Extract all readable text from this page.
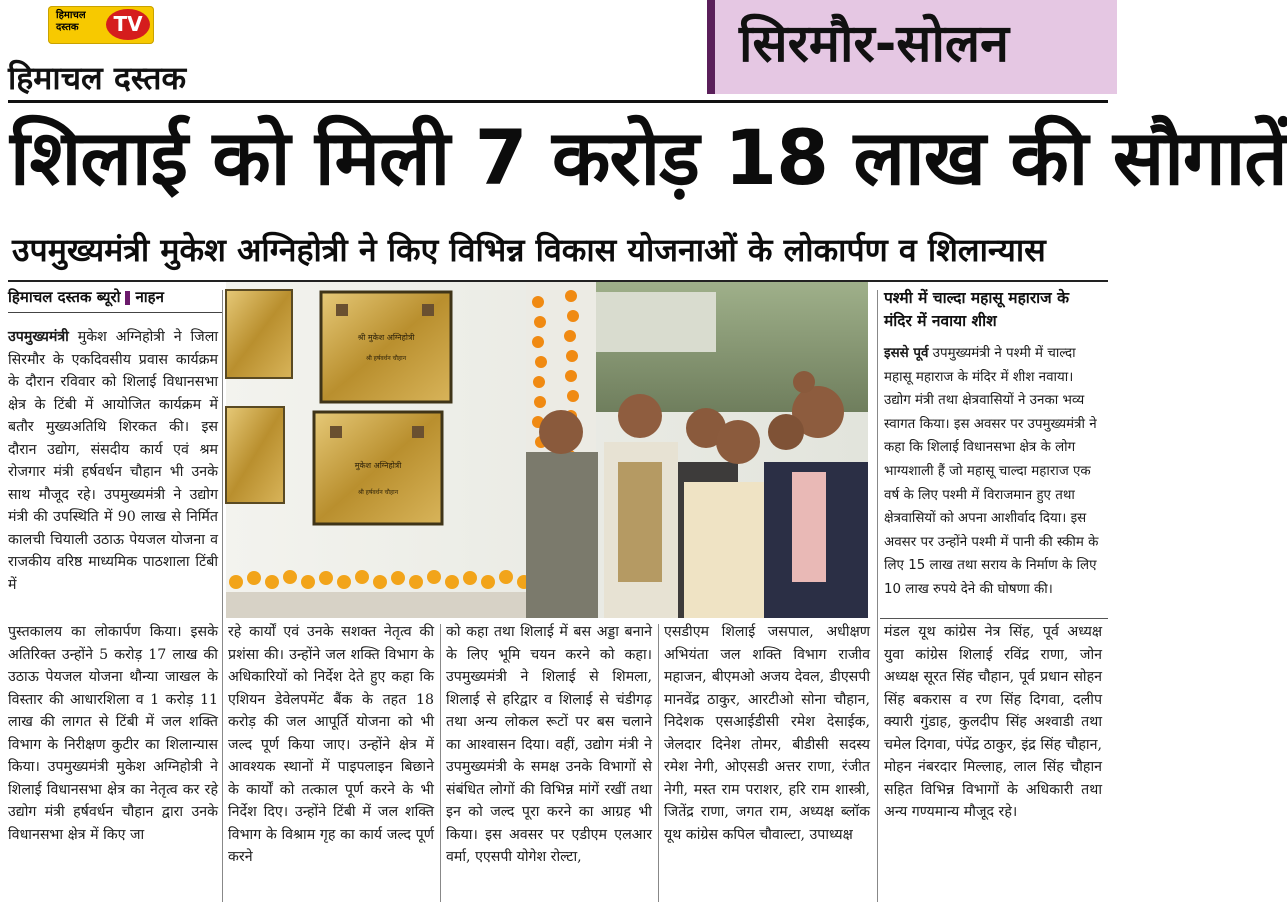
हिमाचल दस्तक	TV
हिमाचल दस्तक
सिरमौर-सोलन
शिलाई को मिली 7 करोड़ 18 लाख की सौगातें
उपमुख्यमंत्री मुकेश अग्निहोत्री ने किए विभिन्न विकास योजनाओं के लोकार्पण व शिलान्यास
हिमाचल दस्तक ब्यूरो नाहन
उपमुख्यमंत्री मुकेश अग्निहोत्री ने जिला सिरमौर के एकदिवसीय प्रवास कार्यक्रम के दौरान रविवार को शिलाई विधानसभा क्षेत्र के टिंबी में आयोजित कार्यक्रम में बतौर मुख्यअतिथि शिरकत की। इस दौरान उद्योग, संसदीय कार्य एवं श्रम रोजगार मंत्री हर्षवर्धन चौहान भी उनके साथ मौजूद रहे। उपमुख्यमंत्री ने उद्योग मंत्री की उपस्थिति में 90 लाख से निर्मित कालची चियाली उठाऊ पेयजल योजना व राजकीय वरिष्ठ माध्यमिक पाठशाला टिंबी में
श्री मुकेश अग्निहोत्री
श्री हर्षवर्धन चौहान
मुकेश अग्निहोत्री
श्री हर्षवर्धन चौहान
पुस्तकालय का लोकार्पण किया। इसके अतिरिक्त उन्होंने 5 करोड़ 17 लाख की उठाऊ पेयजल योजना थौन्या जाखल के विस्तार की आधारशिला व 1 करोड़ 11 लाख की लागत से टिंबी में जल शक्ति विभाग के निरीक्षण कुटीर का शिलान्यास किया। उपमुख्यमंत्री मुकेश अग्निहोत्री ने शिलाई विधानसभा क्षेत्र का नेतृत्व कर रहे उद्योग मंत्री हर्षवर्धन चौहान द्वारा उनके विधानसभा क्षेत्र में किए जा
रहे कार्यों एवं उनके सशक्त नेतृत्व की प्रशंसा की। उन्होंने जल शक्ति विभाग के अधिकारियों को निर्देश देते हुए कहा कि एशियन डेवेलपमेंट बैंक के तहत 18 करोड़ की जल आपूर्ति योजना को भी जल्द पूर्ण किया जाए। उन्होंने क्षेत्र में आवश्यक स्थानों में पाइपलाइन बिछाने के कार्यों को तत्काल पूर्ण करने के भी निर्देश दिए। उन्होंने टिंबी में जल शक्ति विभाग के विश्राम गृह का कार्य जल्द पूर्ण करने
को कहा तथा शिलाई में बस अड्डा बनाने के लिए भूमि चयन करने को कहा। उपमुख्यमंत्री ने शिलाई से शिमला, शिलाई से हरिद्वार व शिलाई से चंडीगढ़ तथा अन्य लोकल रूटों पर बस चलाने का आश्वासन दिया। वहीं, उद्योग मंत्री ने उपमुख्यमंत्री के समक्ष उनके विभागों से संबंधित लोगों की विभिन्न मांगें रखीं तथा इन को जल्द पूरा करने का आग्रह भी किया। इस अवसर पर एडीएम एलआर वर्मा, एएसपी योगेश रोल्टा,
एसडीएम शिलाई जसपाल, अधीक्षण अभियंता जल शक्ति विभाग राजीव महाजन, बीएमओ अजय देवल, डीएसपी मानवेंद्र ठाकुर, आरटीओ सोना चौहान, निदेशक एसआईडीसी रमेश देसाईक, जेलदार दिनेश तोमर, बीडीसी सदस्य रमेश नेगी, ओएसडी अत्तर राणा, रंजीत नेगी, मस्त राम पराशर, हरि राम शास्त्री, जितेंद्र राणा, जगत राम, अध्यक्ष ब्लॉक यूथ कांग्रेस कपिल चौवाल्टा, उपाध्यक्ष
मंडल यूथ कांग्रेस नेत्र सिंह, पूर्व अध्यक्ष युवा कांग्रेस शिलाई रविंद्र राणा, जोन अध्यक्ष सूरत सिंह चौहान, पूर्व प्रधान सोहन सिंह बकरास व रण सिंह दिगवा, दलीप क्यारी गुंडाह, कुलदीप सिंह अश्वाडी तथा चमेल दिगवा, पंपेंद्र ठाकुर, इंद्र सिंह चौहान, मोहन नंबरदार मिल्लाह, लाल सिंह चौहान सहित विभिन्न विभागों के अधिकारी तथा अन्य गण्यमान्य मौजूद रहे।
पश्मी में चाल्दा महासू महाराज के मंदिर में नवाया शीश
इससे पूर्व उपमुख्यमंत्री ने पश्मी में चाल्दा महासू महाराज के मंदिर में शीश नवाया। उद्योग मंत्री तथा क्षेत्रवासियों ने उनका भव्य स्वागत किया। इस अवसर पर उपमुख्यमंत्री ने कहा कि शिलाई विधानसभा क्षेत्र के लोग भाग्यशाली हैं जो महासू चाल्दा महाराज एक वर्ष के लिए पश्मी में विराजमान हुए तथा क्षेत्रवासियों को अपना आशीर्वाद दिया। इस अवसर पर उन्होंने पश्मी में पानी की स्कीम के लिए 15 लाख तथा सराय के निर्माण के लिए 10 लाख रुपये देने की घोषणा की।
